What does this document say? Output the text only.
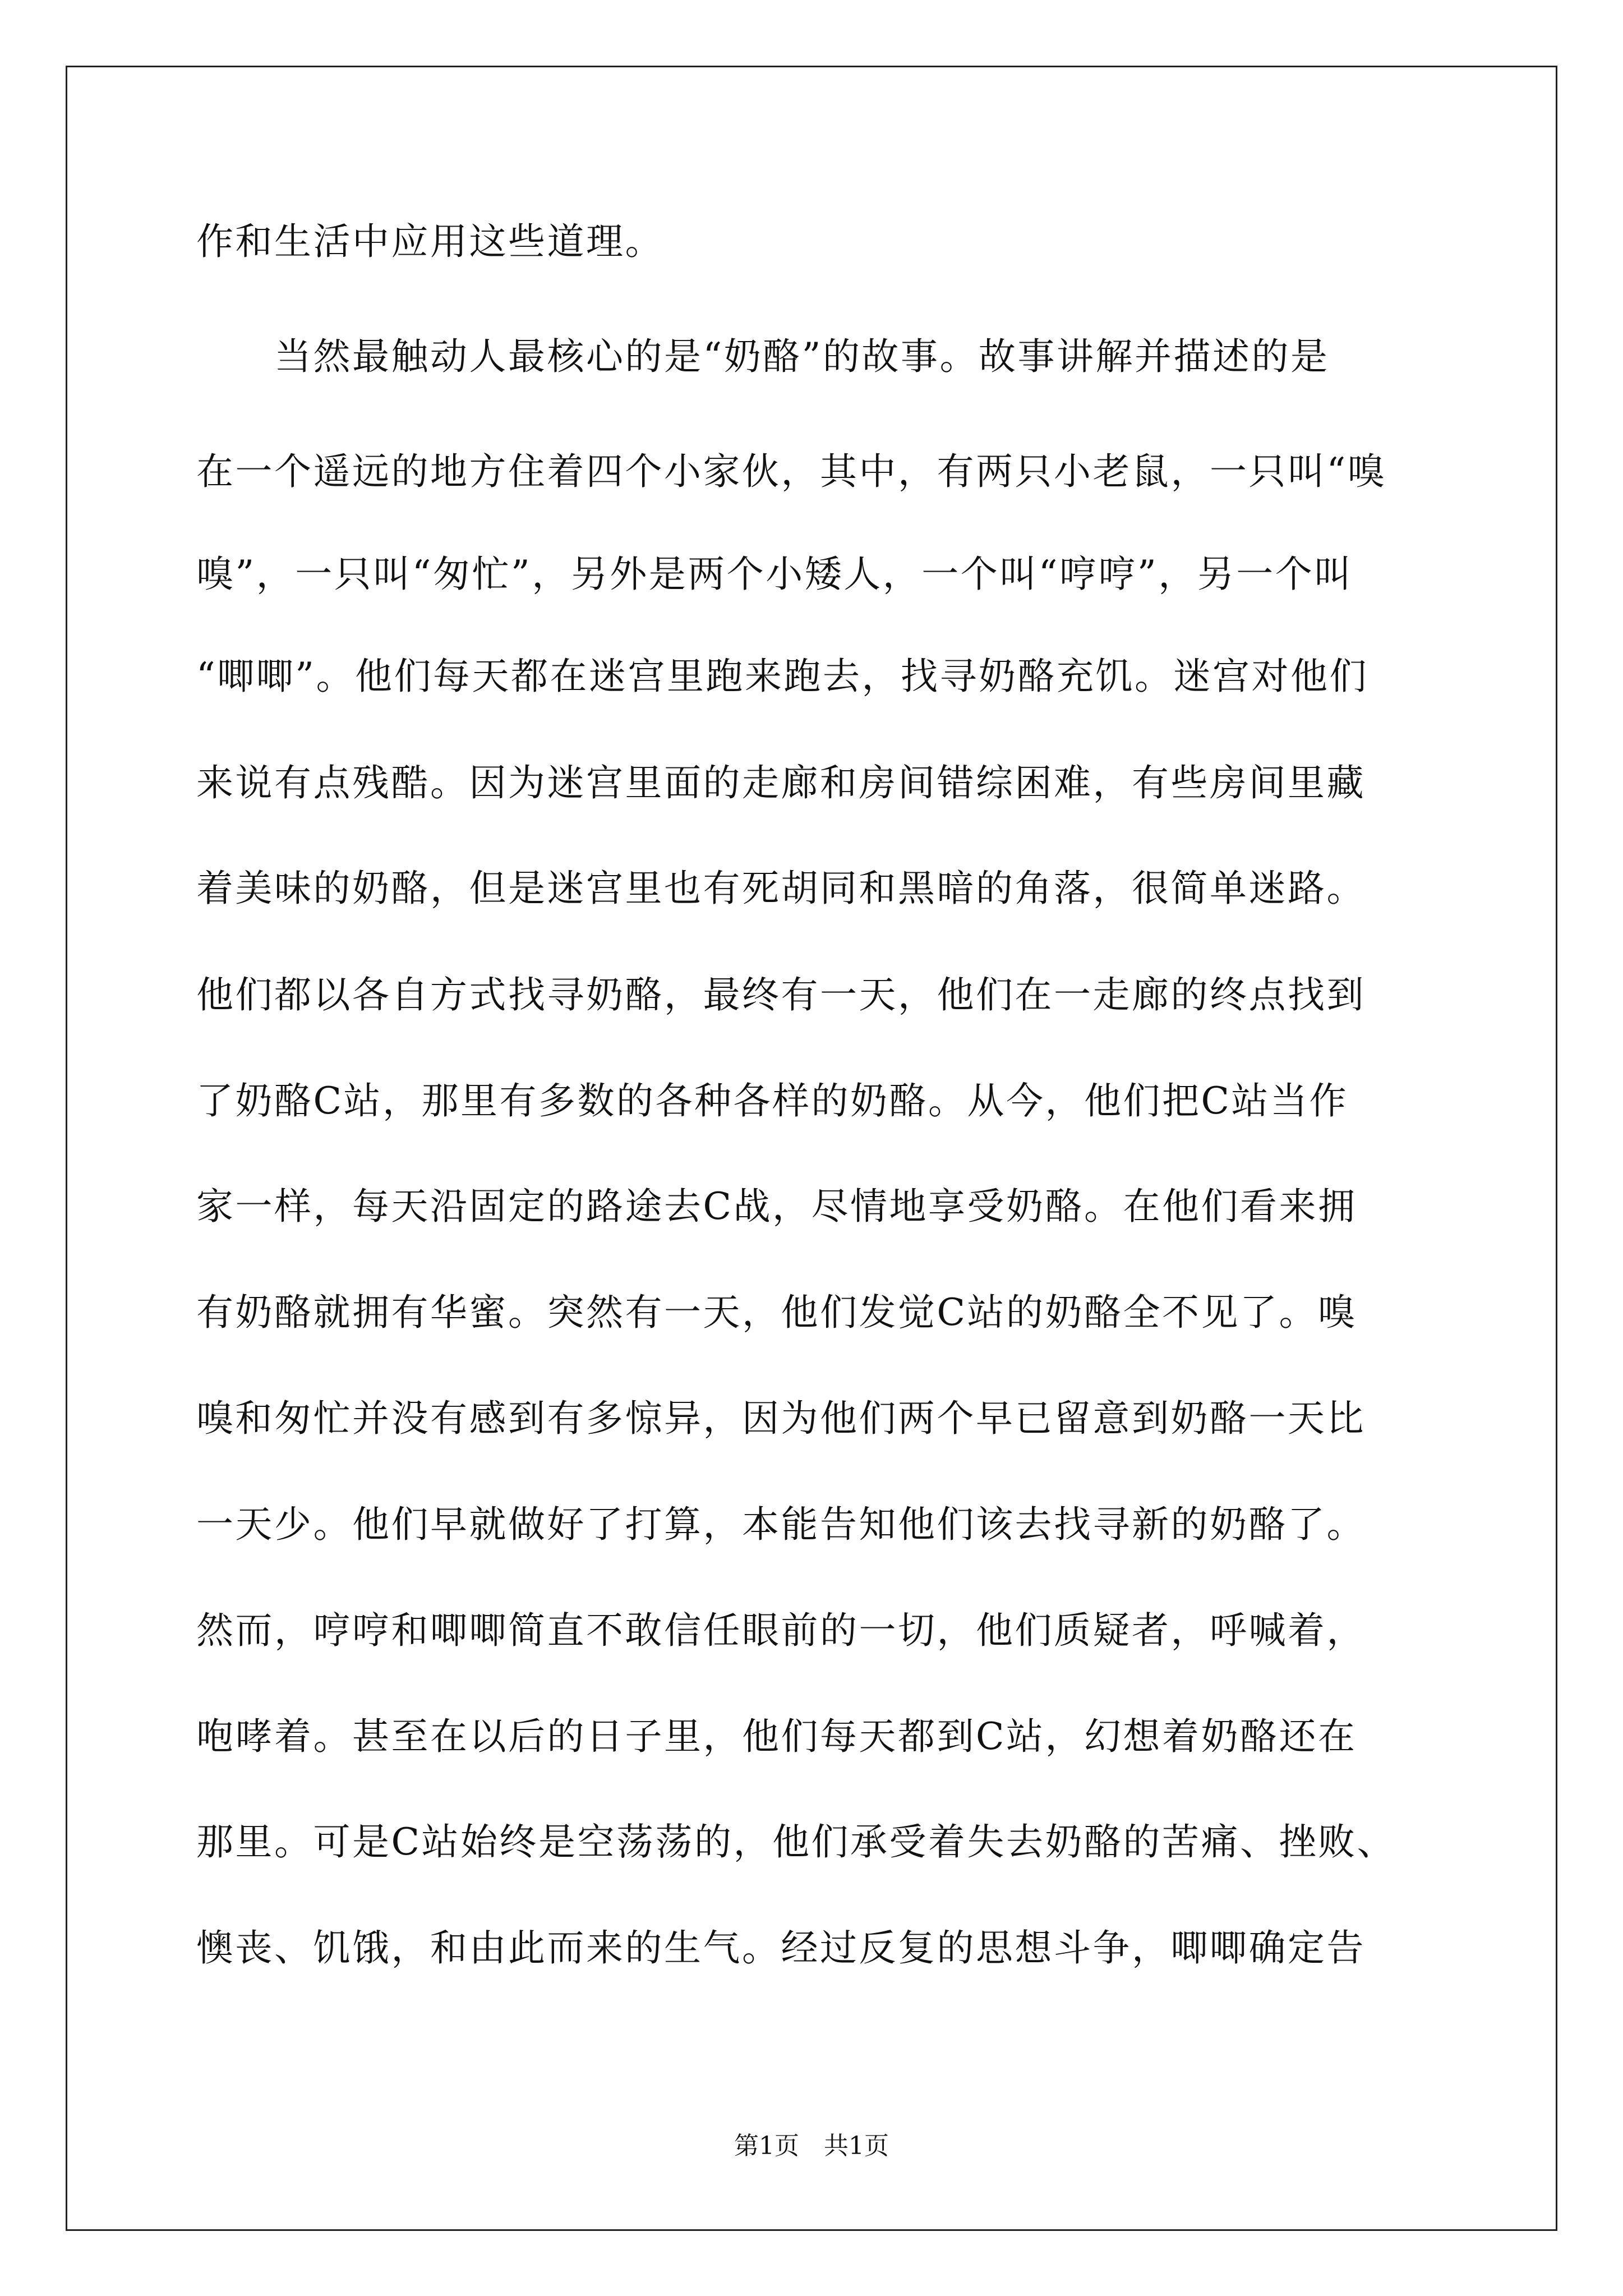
作和生活中应用这些道理。
　　当然最触动人最核心的是“奶酪”的故事。故事讲解并描述的是
在一个遥远的地方住着四个小家伙，其中，有两只小老鼠，一只叫“嗅
嗅”，一只叫“匆忙”，另外是两个小矮人，一个叫“哼哼”，另一个叫
“唧唧”。他们每天都在迷宫里跑来跑去，找寻奶酪充饥。迷宫对他们
来说有点残酷。因为迷宫里面的走廊和房间错综困难，有些房间里藏
着美味的奶酪，但是迷宫里也有死胡同和黑暗的角落，很简单迷路。
他们都以各自方式找寻奶酪，最终有一天，他们在一走廊的终点找到
了奶酪C站，那里有多数的各种各样的奶酪。从今，他们把C站当作
家一样，每天沿固定的路途去C战，尽情地享受奶酪。在他们看来拥
有奶酪就拥有华蜜。突然有一天，他们发觉C站的奶酪全不见了。嗅
嗅和匆忙并没有感到有多惊异，因为他们两个早已留意到奶酪一天比
一天少。他们早就做好了打算，本能告知他们该去找寻新的奶酪了。
然而，哼哼和唧唧简直不敢信任眼前的一切，他们质疑者，呼喊着，
咆哮着。甚至在以后的日子里，他们每天都到C站，幻想着奶酪还在
那里。可是C站始终是空荡荡的，他们承受着失去奶酪的苦痛、挫败、
懊丧、饥饿，和由此而来的生气。经过反复的思想斗争，唧唧确定告
第1页　共1页
